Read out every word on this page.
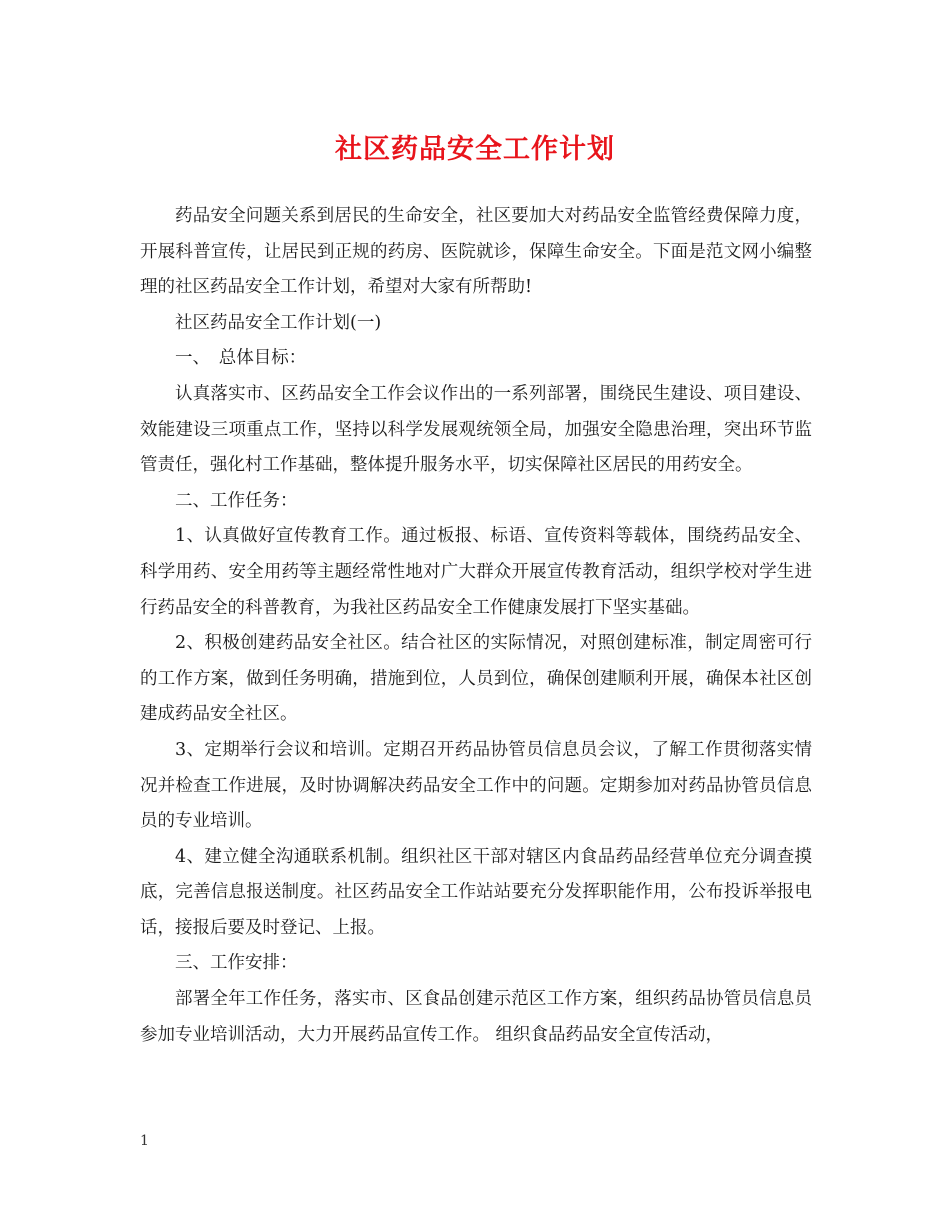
社区药品安全工作计划

药品安全问题关系到居民的生命安全，社区要加大对药品安全监管经费保障力度，开展科普宣传，让居民到正规的药房、医院就诊，保障生命安全。下面是范文网小编整理的社区药品安全工作计划，希望对大家有所帮助!

社区药品安全工作计划(一)

一、　总体目标：

认真落实市、区药品安全工作会议作出的一系列部署，围绕民生建设、项目建设、效能建设三项重点工作，坚持以科学发展观统领全局，加强安全隐患治理，突出环节监管责任，强化村工作基础，整体提升服务水平，切实保障社区居民的用药安全。

二、工作任务：

1、认真做好宣传教育工作。通过板报、标语、宣传资料等载体，围绕药品安全、科学用药、安全用药等主题经常性地对广大群众开展宣传教育活动，组织学校对学生进行药品安全的科普教育，为我社区药品安全工作健康发展打下坚实基础。

2、积极创建药品安全社区。结合社区的实际情况，对照创建标准，制定周密可行的工作方案，做到任务明确，措施到位，人员到位，确保创建顺利开展，确保本社区创建成药品安全社区。

3、定期举行会议和培训。定期召开药品协管员信息员会议，了解工作贯彻落实情况并检查工作进展，及时协调解决药品安全工作中的问题。定期参加对药品协管员信息员的专业培训。

4、建立健全沟通联系机制。组织社区干部对辖区内食品药品经营单位充分调查摸底，完善信息报送制度。社区药品安全工作站站要充分发挥职能作用，公布投诉举报电话，接报后要及时登记、上报。

三、工作安排：

部署全年工作任务，落实市、区食品创建示范区工作方案，组织药品协管员信息员参加专业培训活动，大力开展药品宣传工作。 组织食品药品安全宣传活动，

1
